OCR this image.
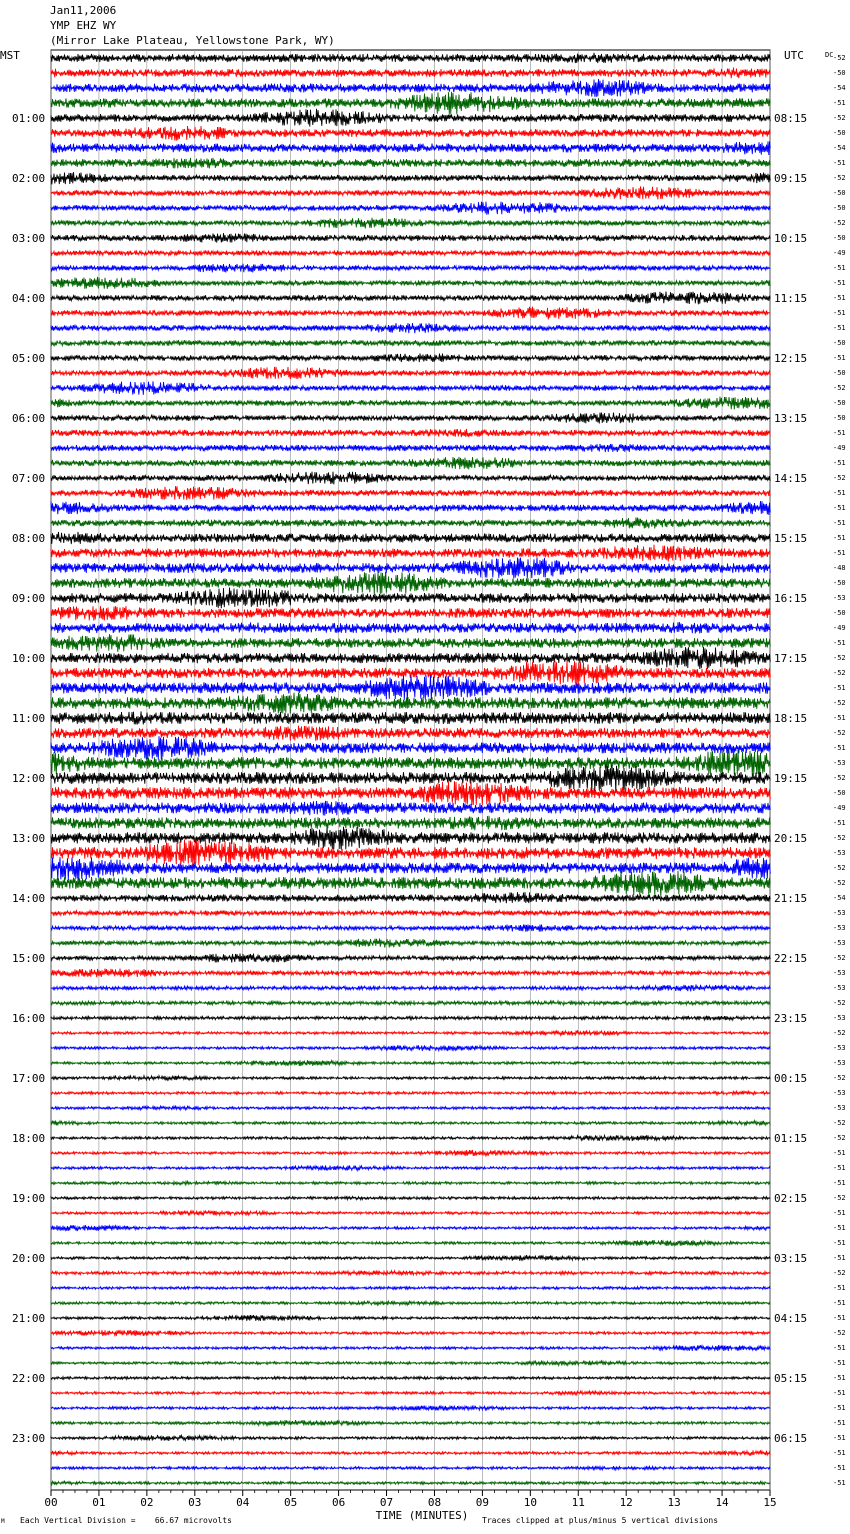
Jan11,2006
YMP EHZ WY
(Mirror Lake Plateau, Yellowstone Park, WY)
00	01	02	03	04	05	06	07	08	09	10	11	12	13	14	15
TIME (MINUTES)
MST	UTC	DC
01:00
02:00
03:00
04:00
05:00
06:00
07:00
08:00
09:00
10:00
11:00
12:00
13:00
14:00
15:00
16:00
17:00
18:00
19:00
20:00
21:00
22:00
23:00
08:15
09:15
10:15
11:15
12:15
13:15
14:15
15:15
16:15
17:15
18:15
19:15
20:15
21:15
22:15
23:15
00:15
01:15
02:15
03:15
04:15
05:15
06:15
-52
-50
-54
-51
-52
-50
-54
-51
-52
-50
-50
-52
-50
-49
-51
-51
-51
-51
-51
-50
-51
-50
-52
-50
-50
-51
-49
-51
-52
-51
-51
-51
-51
-51
-48
-50
-53
-50
-49
-51
-52
-52
-51
-52
-51
-52
-51
-53
-52
-50
-49
-51
-52
-53
-52
-52
-54
-53
-53
-53
-52
-53
-53
-52
-53
-52
-53
-53
-52
-53
-53
-52
-52
-51
-51
-51
-52
-51
-51
-51
-51
-52
-51
-51
-51
-52
-51
-51
-51
-51
-51
-51
-51
-51
-51
-51
M Each Vertical Division =    66.67 microvolts	Traces clipped at plus/minus 5 vertical divisions
